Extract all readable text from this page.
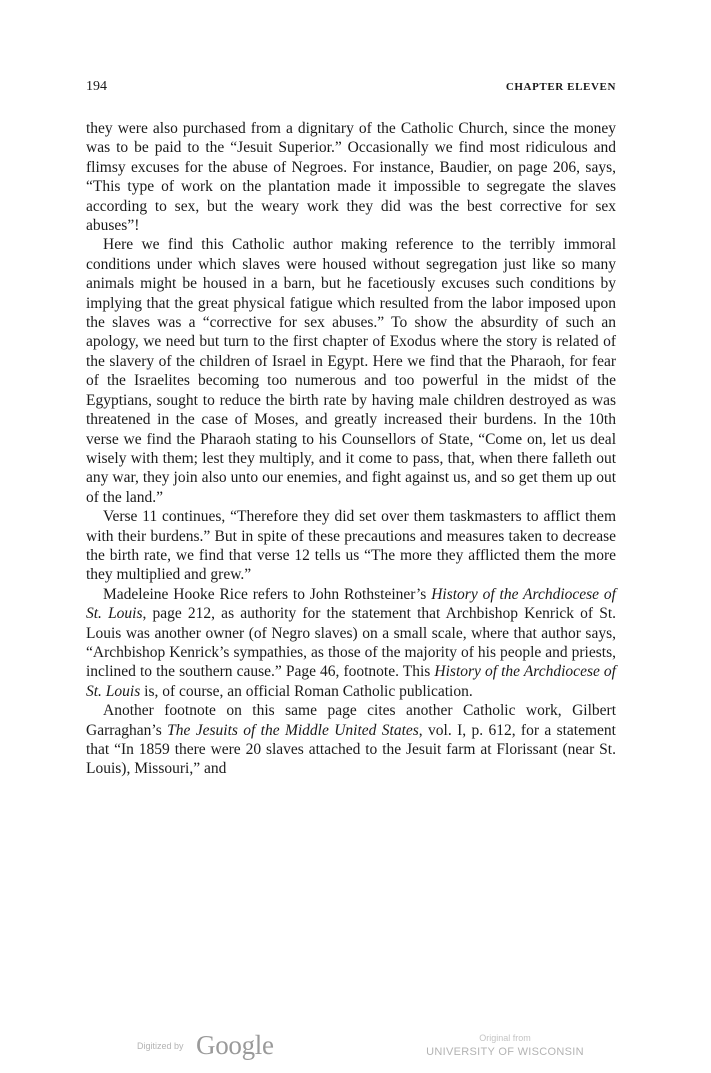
194	CHAPTER ELEVEN

they were also purchased from a dignitary of the Catholic Church, since the money was to be paid to the “Jesuit Superior.” Occasionally we find most ridiculous and flimsy excuses for the abuse of Negroes. For instance, Baudier, on page 206, says, “This type of work on the plantation made it impossible to segregate the slaves according to sex, but the weary work they did was the best corrective for sex abuses”!

Here we find this Catholic author making reference to the terribly immoral conditions under which slaves were housed without segregation just like so many animals might be housed in a barn, but he facetiously excuses such conditions by implying that the great physical fatigue which resulted from the labor imposed upon the slaves was a “corrective for sex abuses.” To show the absurdity of such an apology, we need but turn to the first chapter of Exodus where the story is related of the slavery of the children of Israel in Egypt. Here we find that the Pharaoh, for fear of the Israelites becoming too numerous and too powerful in the midst of the Egyptians, sought to reduce the birth rate by having male children destroyed as was threatened in the case of Moses, and greatly increased their burdens. In the 10th verse we find the Pharaoh stating to his Counsellors of State, “Come on, let us deal wisely with them; lest they multiply, and it come to pass, that, when there falleth out any war, they join also unto our enemies, and fight against us, and so get them up out of the land.”

Verse 11 continues, “Therefore they did set over them taskmasters to afflict them with their burdens.” But in spite of these precautions and measures taken to decrease the birth rate, we find that verse 12 tells us “The more they afflicted them the more they multiplied and grew.”

Madeleine Hooke Rice refers to John Rothsteiner’s History of the Archdiocese of St. Louis, page 212, as authority for the statement that Archbishop Kenrick of St. Louis was another owner (of Negro slaves) on a small scale, where that author says, “Archbishop Kenrick’s sympathies, as those of the majority of his people and priests, inclined to the southern cause.” Page 46, footnote. This History of the Archdiocese of St. Louis is, of course, an official Roman Catholic publication.

Another footnote on this same page cites another Catholic work, Gilbert Garraghan’s The Jesuits of the Middle United States, vol. I, p. 612, for a statement that “In 1859 there were 20 slaves attached to the Jesuit farm at Florissant (near St. Louis), Missouri,” and

Digitized by Google	Original from
UNIVERSITY OF WISCONSIN
